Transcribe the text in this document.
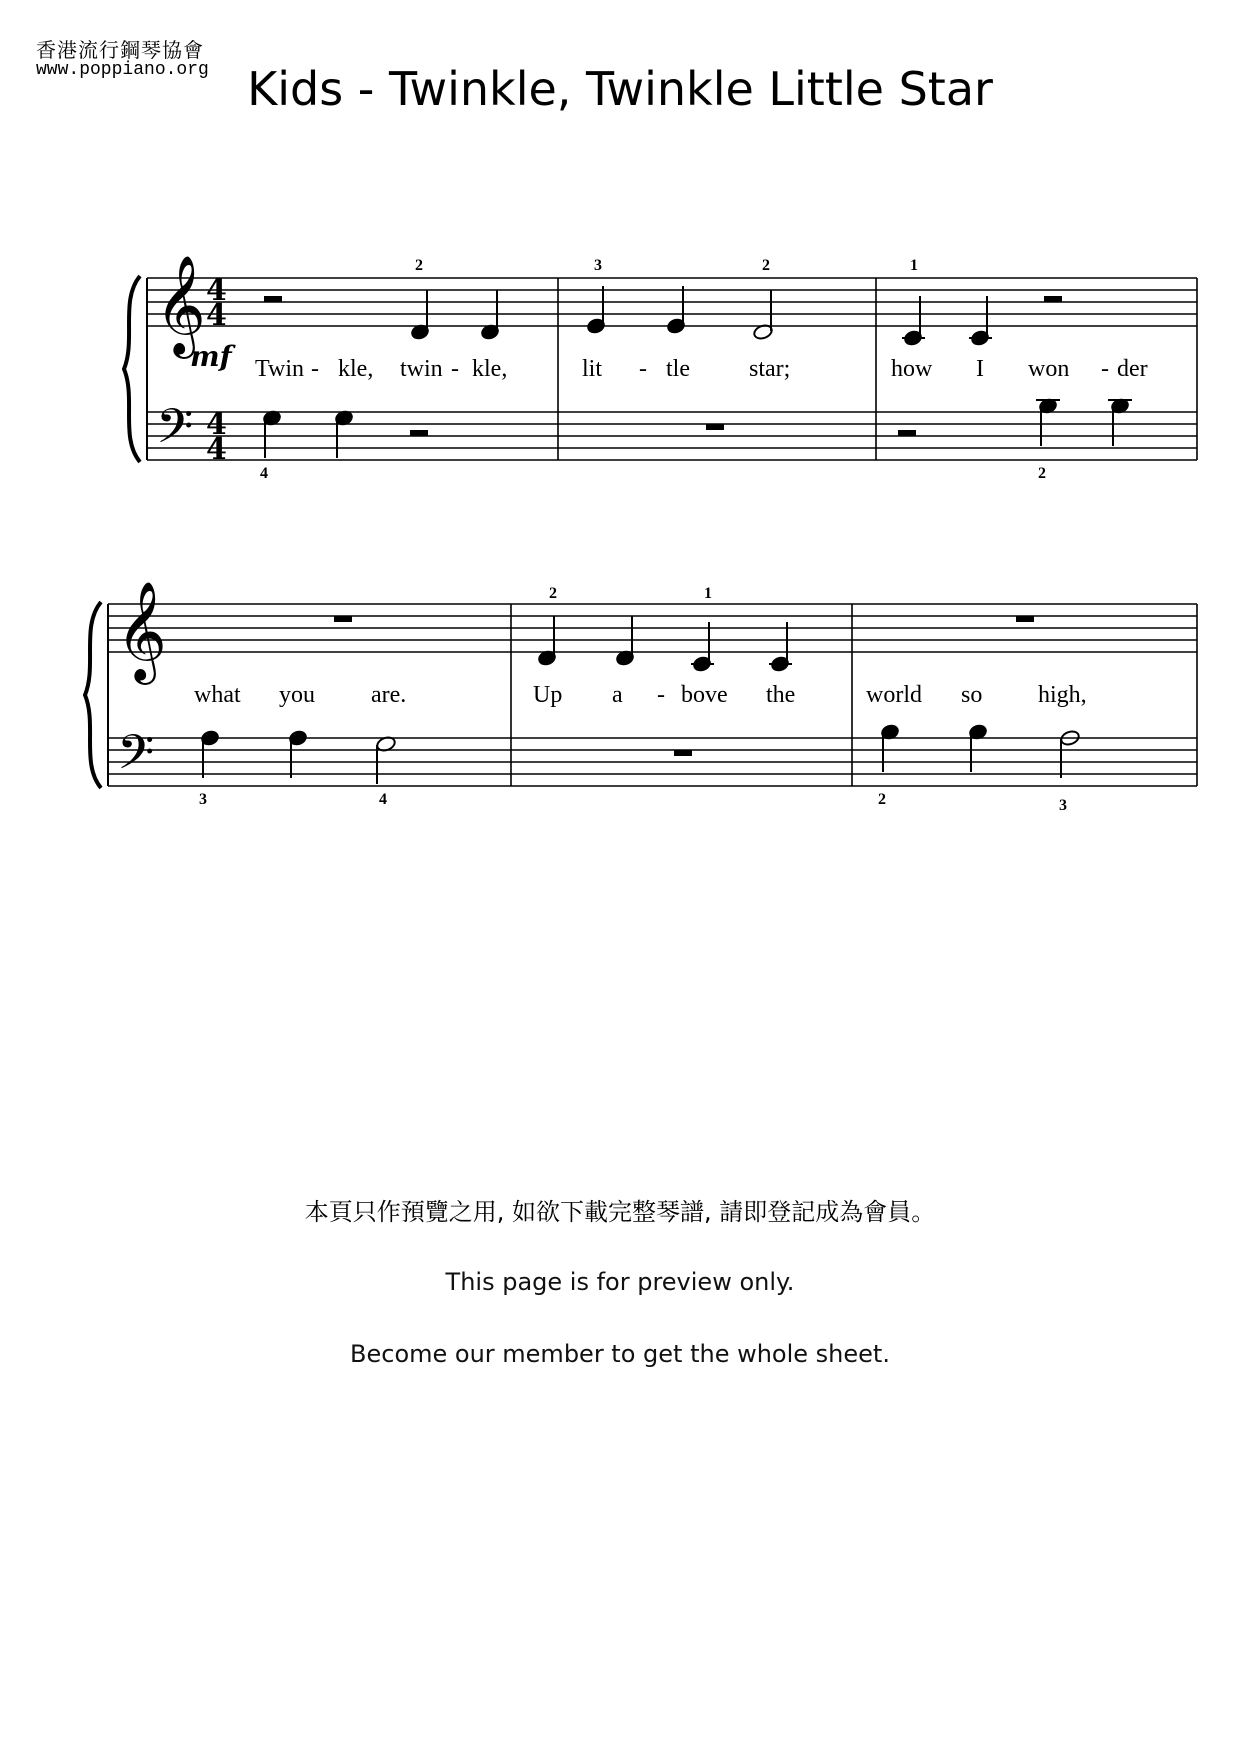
香港流行鋼琴協會
www.poppiano.org Kids - Twinkle, Twinkle Little Star
𝄞
𝄢
4
4
4
4
mf
2	3	2	1
4	2
Twin - kle, twin - kle,	lit - tle star;	how I won - der
𝄞
𝄢
2	1
3	4	2	3
what you are.	Up a - bove the	world so high,
本頁只作預覽之用, 如欲下載完整琴譜, 請即登記成為會員。
This page is for preview only.
Become our member to get the whole sheet.
